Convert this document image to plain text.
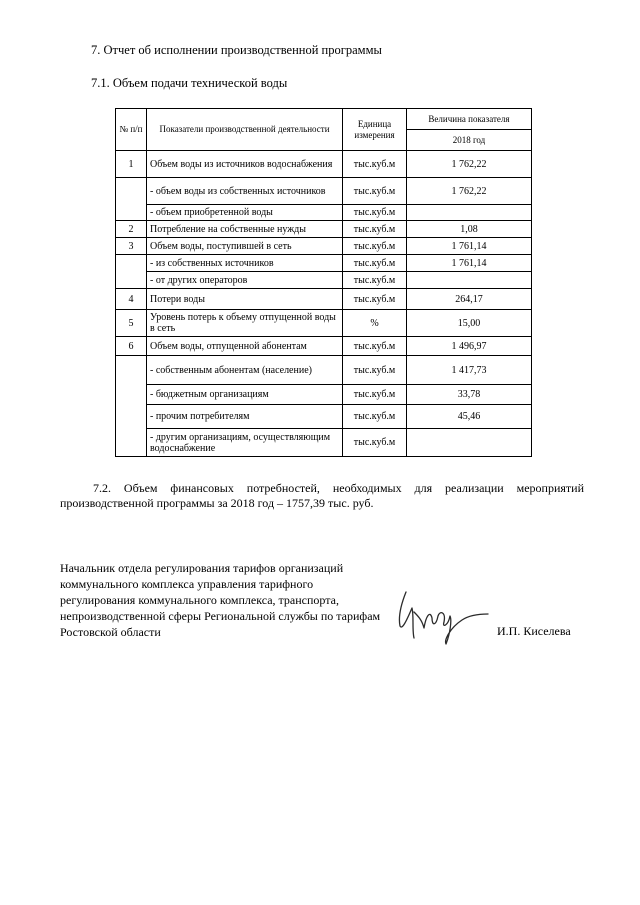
7. Отчет об исполнении производственной программы
7.1. Объем подачи технической воды
№ п/п	Показатели производственной деятельности	Единица измерения	Величина показателя
			2018 год
1	Объем воды из источников водоснабжения	тыс.куб.м	1 762,22
	- объем воды из собственных источников	тыс.куб.м	1 762,22
	- объем приобретенной воды	тыс.куб.м	
2	Потребление на собственные нужды	тыс.куб.м	1,08
3	Объем воды, поступившей в сеть	тыс.куб.м	1 761,14
	- из собственных источников	тыс.куб.м	1 761,14
	- от других операторов	тыс.куб.м	
4	Потери воды	тыс.куб.м	264,17
5	Уровень потерь к объему отпущенной воды в сеть	%	15,00
6	Объем воды, отпущенной абонентам	тыс.куб.м	1 496,97
	- собственным абонентам (население)	тыс.куб.м	1 417,73
	- бюджетным организациям	тыс.куб.м	33,78
	- прочим потребителям	тыс.куб.м	45,46
	- другим организациям, осуществляющим водоснабжение	тыс.куб.м	
7.2. Объем финансовых потребностей, необходимых для реализации мероприятий производственной программы за 2018 год – 1757,39 тыс. руб.
Начальник отдела регулирования тарифов организаций коммунального комплекса управления тарифного регулирования коммунального комплекса, транспорта, непроизводственной сферы Региональной службы по тарифам Ростовской области	И.П. Киселева
